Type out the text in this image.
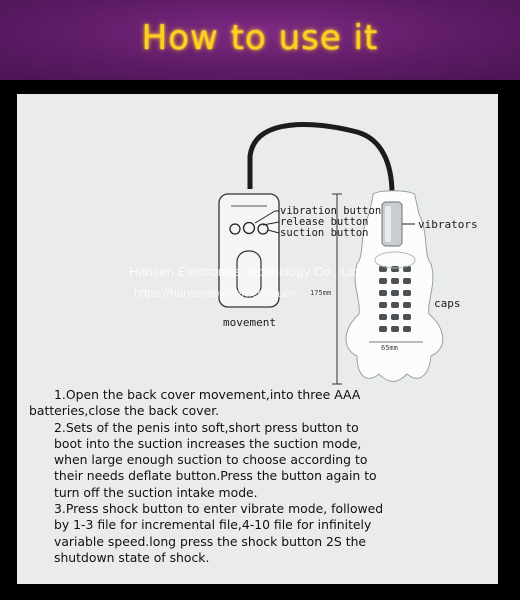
How to use it
vibration button
release button
suction button
vibrators
caps
movement
175mm
65mm
Hansen Electronics Technology Co., Ltd
https://hansentoys.en.china.cn

1.Open the back cover movement,into three AAA batteries,close the back cover.

2.Sets of the penis into soft,short press button to boot into the suction increases the suction mode, when large enough suction to choose according to their needs deflate button.Press the button again to turn off the suction intake mode.

3.Press shock button to enter vibrate mode, followed by 1-3 file for incremental file,4-10 file for infinitely variable speed.long press the shock button 2S the shutdown state of shock.
